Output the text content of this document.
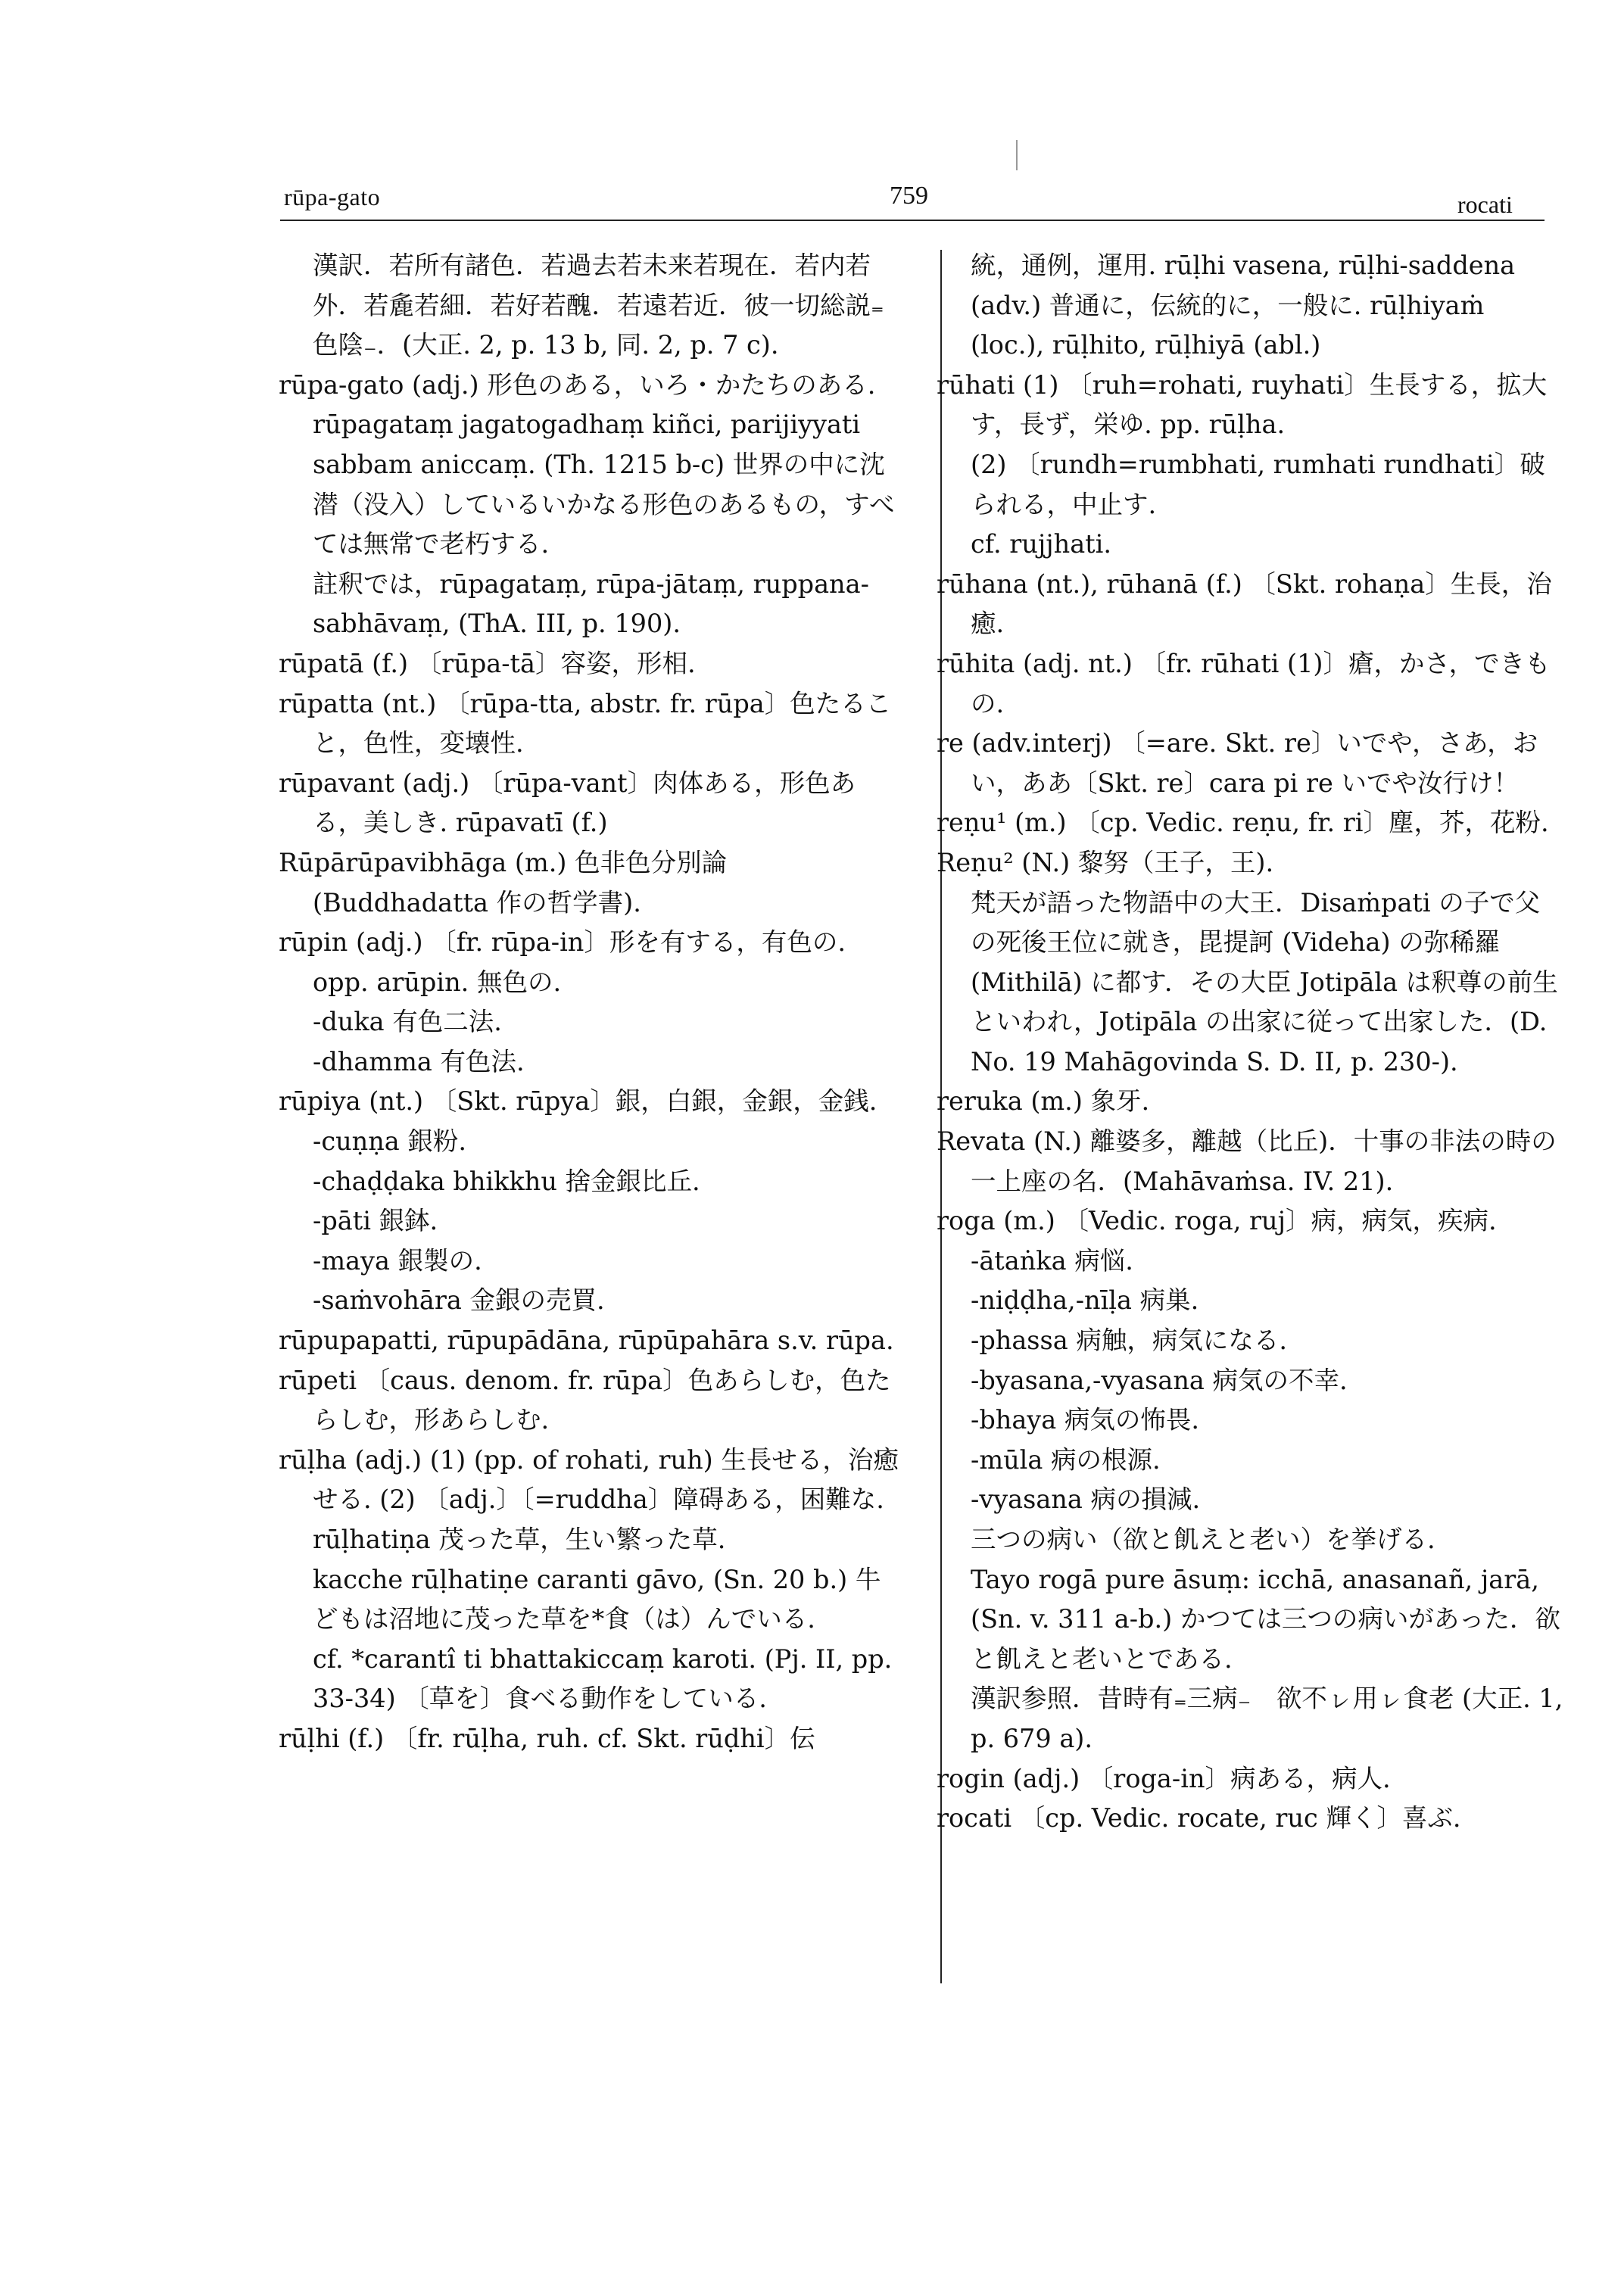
rūpa-gato	759	rocati

漢訳．若所有諸色．若過去若未来若現在．若内若外．若麁若細．若好若醜．若遠若近．彼一切総説₌色陰₋．(大正. 2, p. 13 b, 同. 2, p. 7 c).

rūpa-gato (adj.) 形色のある，いろ・かたちのある.

rūpagataṃ jagatogadhaṃ kiñci, parijiyyati sabbam aniccaṃ. (Th. 1215 b-c) 世界の中に沈潜（没入）しているいかなる形色のあるもの，すべては無常で老朽する.

註釈では，rūpagataṃ, rūpa-jātaṃ, ruppana-sabhāvaṃ, (ThA. III, p. 190).

rūpatā (f.) 〔rūpa-tā〕容姿，形相.

rūpatta (nt.) 〔rūpa-tta, abstr. fr. rūpa〕色たること，色性，変壊性.

rūpavant (adj.) 〔rūpa-vant〕肉体ある，形色ある，美しき. rūpavatī (f.)

Rūpārūpavibhāga (m.) 色非色分別論 (Buddhadatta 作の哲学書).

rūpin (adj.) 〔fr. rūpa-in〕形を有する，有色の. opp. arūpin. 無色の.

-duka 有色二法.

-dhamma 有色法.

rūpiya (nt.) 〔Skt. rūpya〕銀，白銀，金銀，金銭.

-cuṇṇa 銀粉.

-chaḍḍaka bhikkhu 捨金銀比丘.

-pāti 銀鉢.

-maya 銀製の.

-saṁvohāra 金銀の売買.

rūpupapatti, rūpupādāna, rūpūpahāra s.v. rūpa.

rūpeti 〔caus. denom. fr. rūpa〕色あらしむ，色たらしむ，形あらしむ.

rūḷha (adj.) (1) (pp. of rohati, ruh) 生長せる，治癒せる. (2) 〔adj.〕〔=ruddha〕障碍ある，困難な. rūḷhatiṇa 茂った草，生い繁った草.

kacche rūḷhatiṇe caranti gāvo, (Sn. 20 b.) 牛どもは沼地に茂った草を*食（は）んでいる.

cf. *carantî ti bhattakiccaṃ karoti. (Pj. II, pp. 33-34) 〔草を〕食べる動作をしている.

rūḷhi (f.) 〔fr. rūḷha, ruh. cf. Skt. rūḍhi〕伝

統，通例，運用. rūḷhi vasena, rūḷhi-saddena (adv.) 普通に，伝統的に，一般に. rūḷhiyaṁ (loc.), rūḷhito, rūḷhiyā (abl.)

rūhati (1) 〔ruh=rohati, ruyhati〕生長する，拡大す，長ず，栄ゆ. pp. rūḷha.

(2) 〔rundh=rumbhati, rumhati rundhati〕破られる，中止す.

cf. rujjhati.

rūhana (nt.), rūhanā (f.) 〔Skt. rohaṇa〕生長，治癒.

rūhita (adj. nt.) 〔fr. rūhati (1)〕瘡，かさ，できもの.

re (adv.interj) 〔=are. Skt. re〕いでや，さあ，おい，ああ〔Skt. re〕cara pi re いでや汝行け！

reṇu¹ (m.) 〔cp. Vedic. reṇu, fr. ri〕塵，芥，花粉.

Reṇu² (N.) 黎努（王子，王).

梵天が語った物語中の大王．Disaṁpati の子で父の死後王位に就き，毘提訶 (Videha) の弥稀羅 (Mithilā) に都す．その大臣 Jotipāla は釈尊の前生といわれ，Jotipāla の出家に従って出家した．(D. No. 19 Mahāgovinda S. D. II, p. 230-).

reruka (m.) 象牙.

Revata (N.) 離婆多，離越（比丘)．十事の非法の時の一上座の名．(Mahāvaṁsa. IV. 21).

roga (m.) 〔Vedic. roga, ruj〕病，病気，疾病.

-ātaṅka 病悩.

-niḍḍha,-nīḷa 病巣.

-phassa 病触，病気になる.

-byasana,-vyasana 病気の不幸.

-bhaya 病気の怖畏.

-mūla 病の根源.

-vyasana 病の損減.

三つの病い（欲と飢えと老い）を挙げる.

Tayo rogā pure āsuṃ: icchā, anasanañ, jarā, (Sn. v. 311 a-b.) かつては三つの病いがあった．欲と飢えと老いとである.

漢訳参照．昔時有₌三病₋　欲不ㇾ用ㇾ食老 (大正. 1, p. 679 a).

rogin (adj.) 〔roga-in〕病ある，病人.

rocati 〔cp. Vedic. rocate, ruc 輝く〕喜ぶ.
